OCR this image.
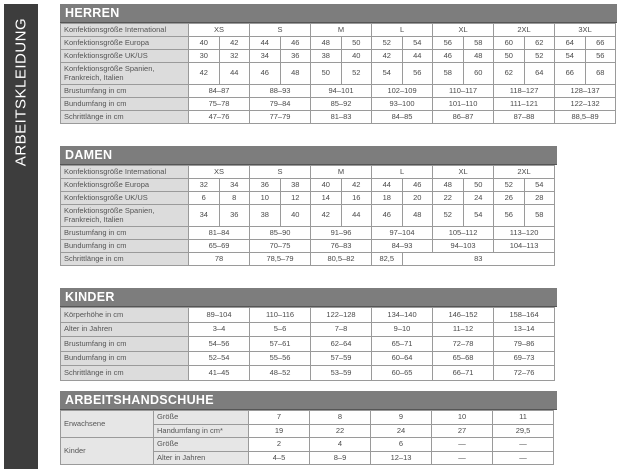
ARBEITSKLEIDUNG
HERREN
Konfektionsgröße International	XS		S		M		L		XL		2XL		3XL	
Konfektionsgröße Europa	40	42	44	46	48	50	52	54	56	58	60	62	64	66
Konfektionsgröße UK/US	30	32	34	36	38	40	42	44	46	48	50	52	54	56
Konfektionsgröße Spanien, Frankreich, Italien	42	44	46	48	50	52	54	56	58	60	62	64	66	68
Brustumfang in cm	84–87		88–93		94–101		102–109		110–117		118–127		128–137	
Bundumfang in cm	75–78		79–84		85–92		93–100		101–110		111–121		122–132	
Schrittlänge in cm	47–76		77–79		81–83		84–85		86–87		87–88		88,5–89	
DAMEN
Konfektionsgröße International	XS		S		M		L		XL		2XL	
Konfektionsgröße Europa	32	34	36	38	40	42	44	46	48	50	52	54
Konfektionsgröße UK/US	6	8	10	12	14	16	18	20	22	24	26	28
Konfektionsgröße Spanien, Frankreich, Italien	34	36	38	40	42	44	46	48	52	54	56	58
Brustumfang in cm	81–84		85–90		91–96		97–104		105–112		113–120	
Bundumfang in cm	65–69		70–75		76–83		84–93		94–103		104–113	
Schrittlänge in cm	78		78,5–79		80,5–82		82,5	83				
KINDER
Körperhöhe in cm	89–104	110–116	122–128	134–140	146–152	158–164
Alter in Jahren	3–4	5–6	7–8	9–10	11–12	13–14
Brustumfang in cm	54–56	57–61	62–64	65–71	72–78	79–86
Bundumfang in cm	52–54	55–56	57–59	60–64	65–68	69–73
Schrittlänge in cm	41–45	48–52	53–59	60–65	66–71	72–76
ARBEITSHANDSCHUHE
Erwachsene	Größe	7	8	9	10	11
	Handumfang in cm*	19	22	24	27	29,5
Kinder	Größe	2	4	6	—	—
	Alter in Jahren	4–5	8–9	12–13	—	—
